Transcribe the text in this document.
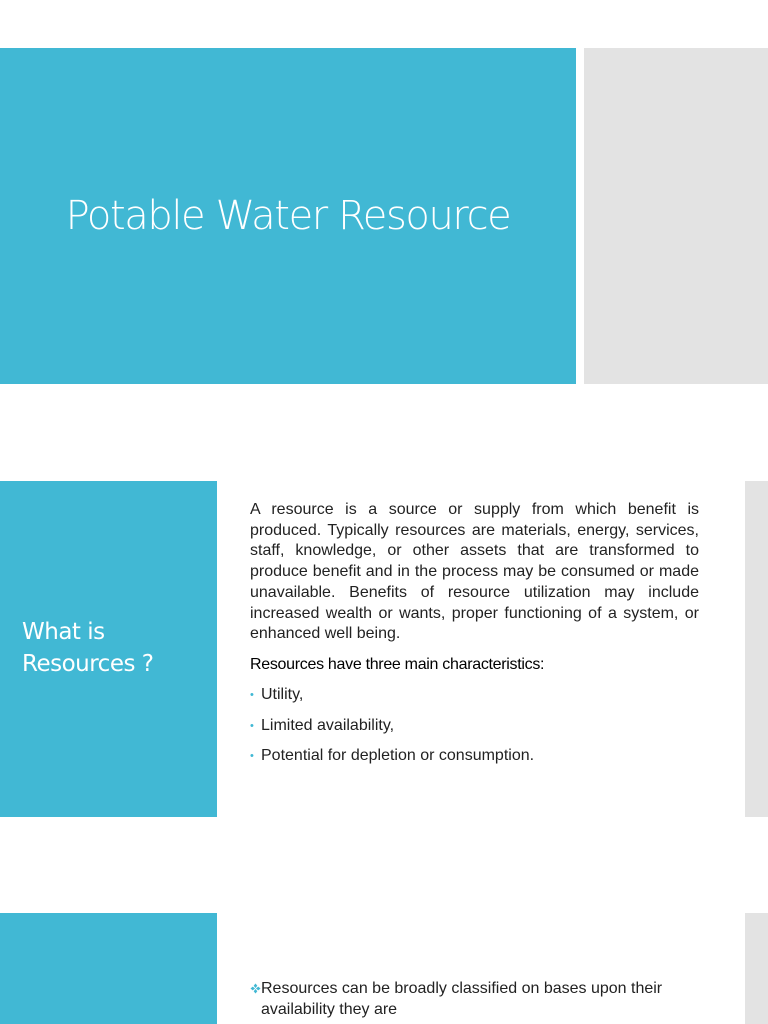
Potable Water Resource
What is Resources ?

A resource is a source or supply from which benefit is produced. Typically resources are materials, energy, services, staff, knowledge, or other assets that are transformed to produce benefit and in the process may be consumed or made unavailable. Benefits of resource utilization may include increased wealth or wants, proper functioning of a system, or enhanced well being.

Resources have three main characteristics:

• Utility,
• Limited availability,
• Potential for depletion or consumption.

Resources can be broadly classified on bases upon their availability they are
